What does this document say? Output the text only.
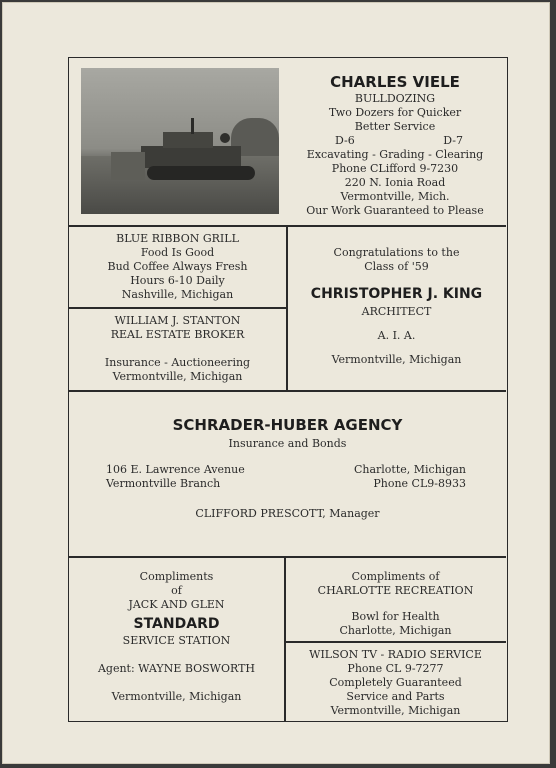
CHARLES VIELE
BULLDOZING
Two Dozers for Quicker
Better Service
D-6	D-7
Excavating - Grading - Clearing
Phone CLifford 9-7230
220 N. Ionia Road
Vermontville, Mich.
Our Work Guaranteed to Please
BLUE RIBBON GRILL
Food Is Good
Bud Coffee Always Fresh
Hours 6-10 Daily
Nashville, Michigan
WILLIAM J. STANTON
REAL ESTATE BROKER
Insurance - Auctioneering
Vermontville, Michigan
Congratulations to the
Class of '59
CHRISTOPHER J. KING
ARCHITECT
A. I. A.
Vermontville, Michigan
SCHRADER-HUBER AGENCY
Insurance and Bonds
106 E. Lawrence Avenue
Vermontville Branch
Charlotte, Michigan
Phone CL9-8933
CLIFFORD PRESCOTT, Manager
Compliments
of
JACK AND GLEN
STANDARD
SERVICE STATION
Agent: WAYNE BOSWORTH
Vermontville, Michigan
Compliments of
CHARLOTTE RECREATION
Bowl for Health
Charlotte, Michigan
WILSON TV - RADIO SERVICE
Phone CL 9-7277
Completely Guaranteed
Service and Parts
Vermontville, Michigan
